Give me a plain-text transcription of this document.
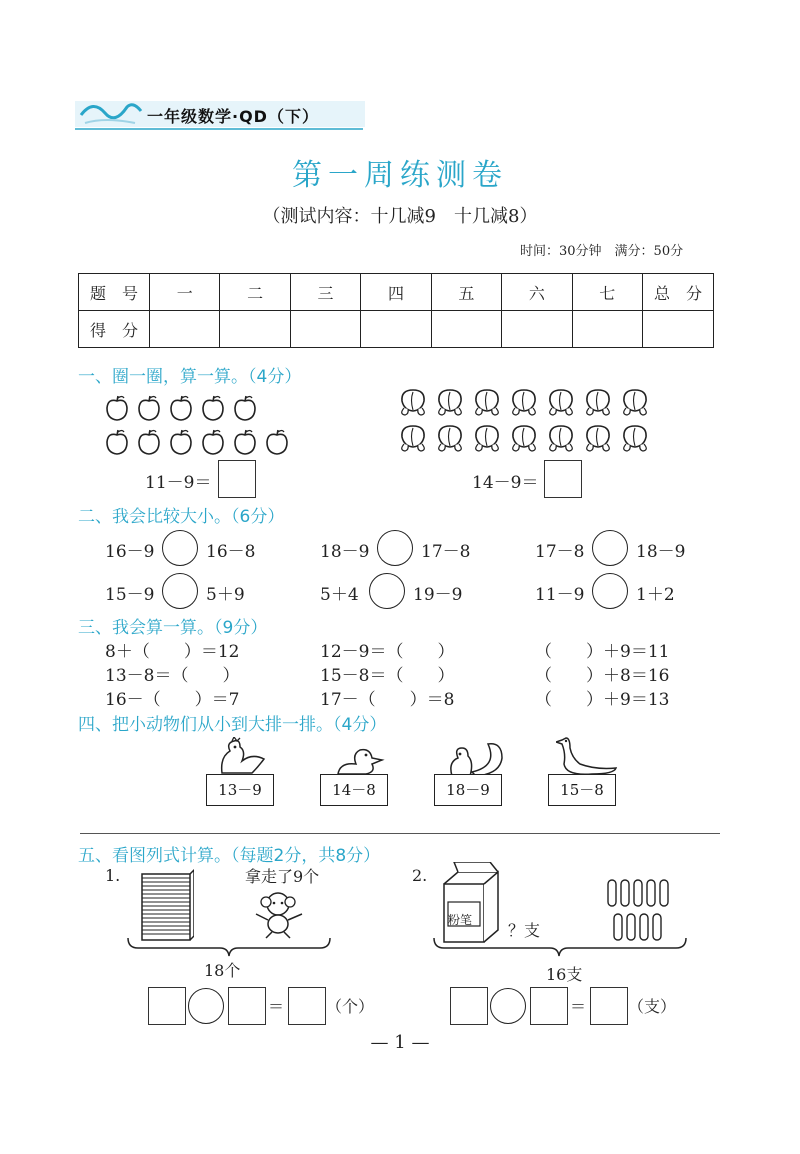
一年级数学·QD（下）
第一周练测卷
（测试内容：十几减9　十几减8）
时间：30分钟　满分：50分
题　号	一	二	三	四	五	六	七	总　分
得　分								
一、圈一圈，算一算。（4分）
11－9＝	14－9＝
二、我会比较大小。（6分）
16－9	16－8	18－9	17－8	17－8	18－9
15－9	5＋9	5＋4	19－9	11－9	1＋2
三、我会算一算。（9分）
8＋（　　）＝12	12－9＝（　　）	（　　）＋9＝11
13－8＝（　　）	15－8＝（　　）	（　　）＋8＝16
16－（　　）＝7	17－（　　）＝8	（　　）＋9＝13
四、把小动物们从小到大排一排。（4分）
13－9	14－8	18－9	15－8
五、看图列式计算。（每题2分，共8分）
1.	拿走了9个
18个
＝	（个）
2.
粉笔
？支
16支
＝	（支）
— 1 —
